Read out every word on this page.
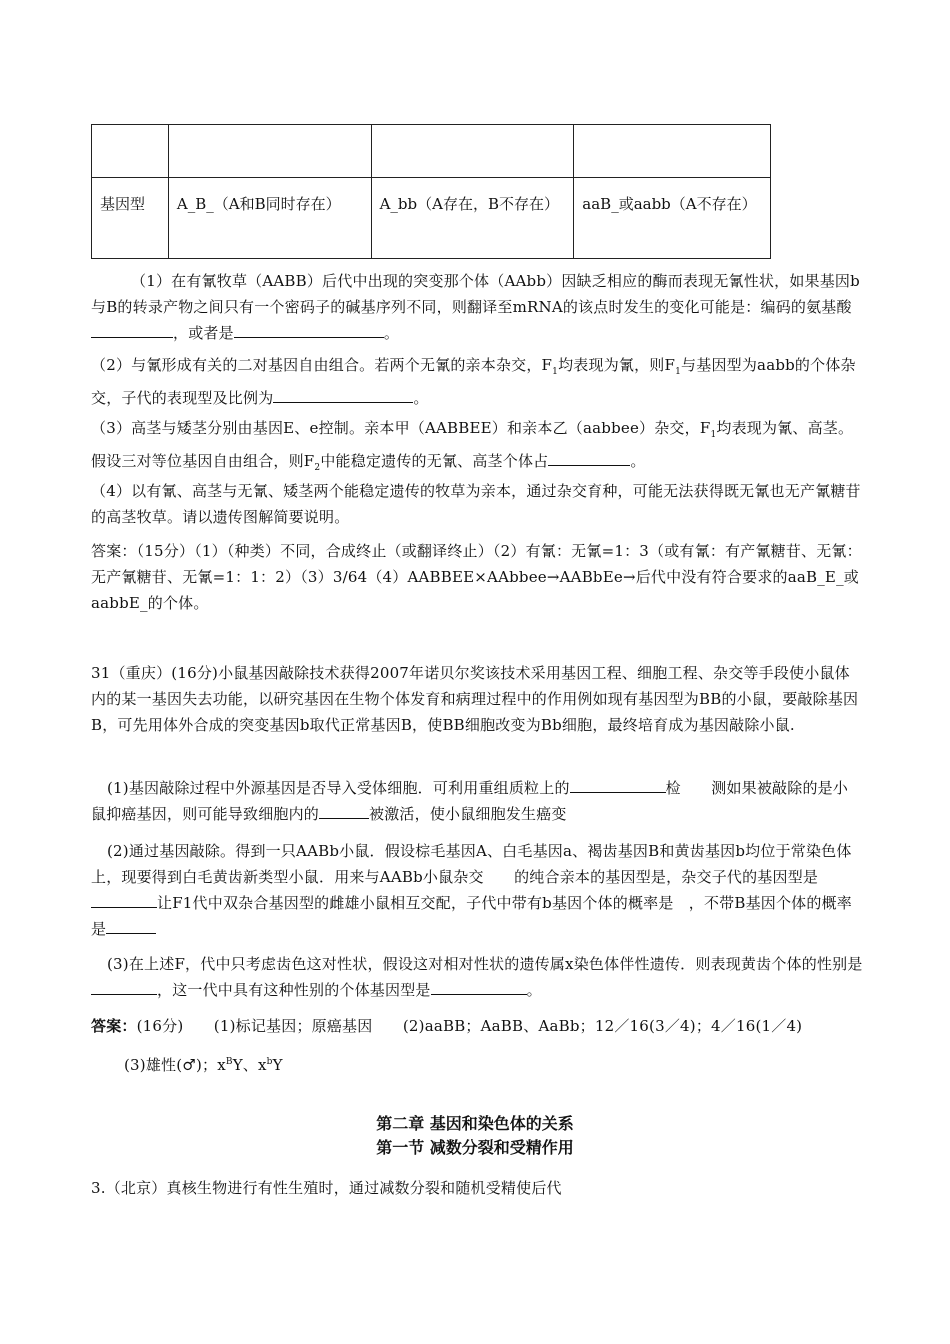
基因型	A_B_（A和B同时存在）	A_bb（A存在，B不存在）	aaB_或aabb（A不存在）
（1）在有氰牧草（AABB）后代中出现的突变那个体（AAbb）因缺乏相应的酶而表现无氰性状，如果基因b与B的转录产物之间只有一个密码子的碱基序列不同，则翻译至mRNA的该点时发生的变化可能是：编码的氨基酸，或者是	。
（2）与氰形成有关的二对基因自由组合。若两个无氰的亲本杂交，$F_1$均表现为氰，则$F_1$与基因型为aabb的个体杂交，子代的表现型及比例为	。
（3）高茎与矮茎分别由基因E、e控制。亲本甲（AABBEE）和亲本乙（aabbee）杂交，$F_1$均表现为氰、高茎。假设三对等位基因自由组合，则$F_2$中能稳定遗传的无氰、高茎个体占	。
（4）以有氰、高茎与无氰、矮茎两个能稳定遗传的牧草为亲本，通过杂交育种，可能无法获得既无氰也无产氰糖苷的高茎牧草。请以遗传图解简要说明。
答案：（15分）（1）（种类）不同，合成终止（或翻译终止）（2）有氰：无氰=1：3（或有氰：有产氰糖苷、无氰：无产氰糖苷、无氰=1：1：2）（3）3/64（4）AABBEE×AAbbee→AABbEe→后代中没有符合要求的aaB_E_或aabbE_的个体。
31（重庆）(16分)小鼠基因敲除技术获得2007年诺贝尔奖该技术采用基因工程、细胞工程、杂交等手段使小鼠体内的某一基因失去功能，以研究基因在生物个体发育和病理过程中的作用例如现有基因型为BB的小鼠，要敲除基因B，可先用体外合成的突变基因b取代正常基因B，使BB细胞改变为Bb细胞，最终培育成为基因敲除小鼠.
(1)基因敲除过程中外源基因是否导入受体细胞．可利用重组质粒上的	检　　测如果被敲除的是小鼠抑癌基因，则可能导致细胞内的	被激活，使小鼠细胞发生癌变
(2)通过基因敲除。得到一只AABb小鼠．假设棕毛基因A、白毛基因a、褐齿基因B和黄齿基因b均位于常染色体上，现要得到白毛黄齿新类型小鼠．用来与AABb小鼠杂交　　的纯合亲本的基因型是，杂交子代的基因型是让F1代中双杂合基因型的雌雄小鼠相互交配，子代中带有b基因个体的概率是　，不带B基因个体的概率是
(3)在上述F，代中只考虑齿色这对性状，假设这对相对性状的遗传属x染色体伴性遗传．则表现黄齿个体的性别是，这一代中具有这种性别的个体基因型是	。
答案：(16分)　　(1)标记基因；原癌基因　　(2)aaBB；AaBB、AaBb；12／16(3／4)；4／16(1／4)
(3)雄性(♂)；$x^BY$、$x^bY$
第二章 基因和染色体的关系
第一节 减数分裂和受精作用
3.（北京）真核生物进行有性生殖时，通过减数分裂和随机受精使后代
